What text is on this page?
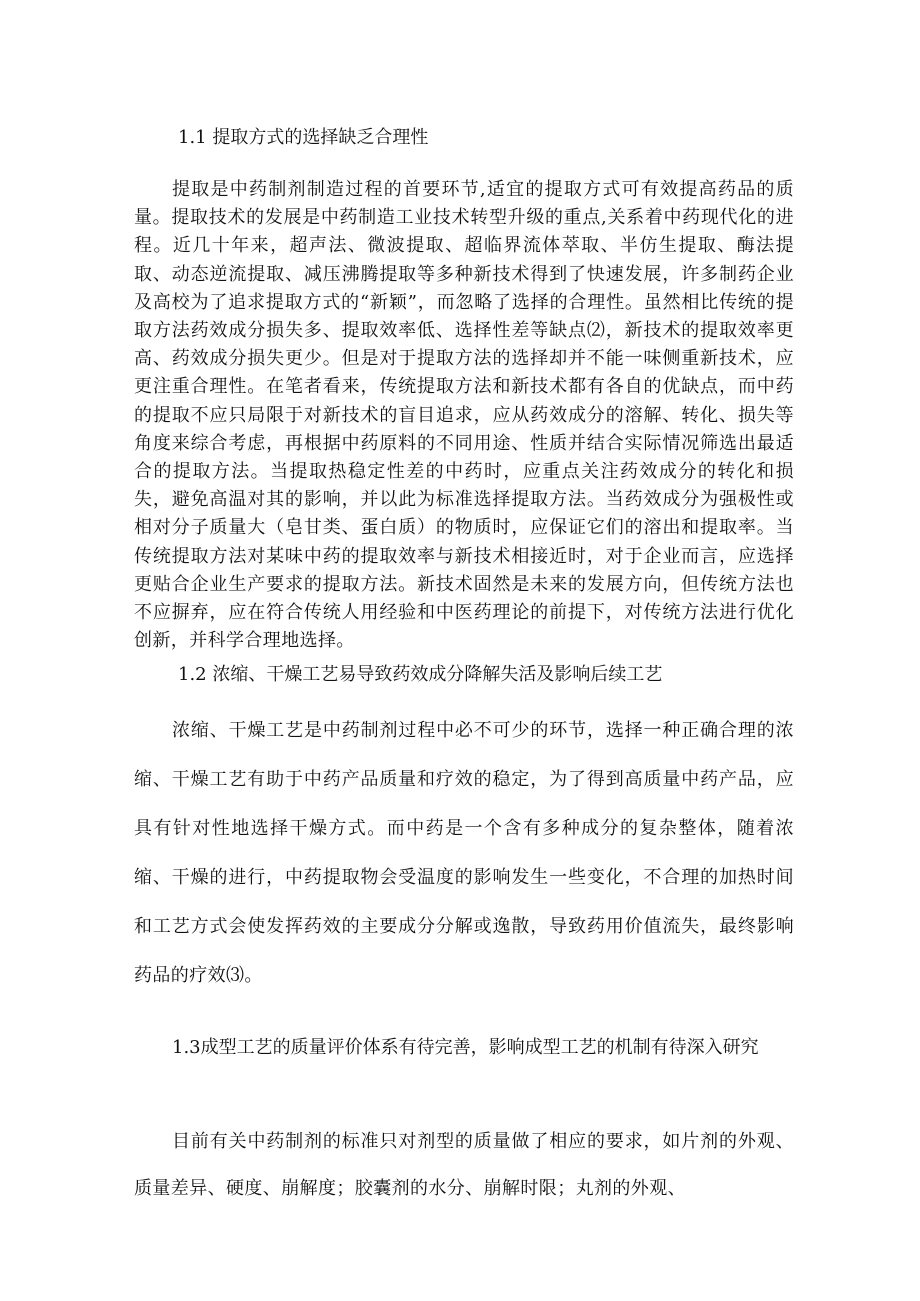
1.1 提取方式的选择缺乏合理性

提取是中药制剂制造过程的首要环节,适宜的提取方式可有效提高药品的质量。提取技术的发展是中药制造工业技术转型升级的重点,关系着中药现代化的进程。近几十年来，超声法、微波提取、超临界流体萃取、半仿生提取、酶法提取、动态逆流提取、减压沸腾提取等多种新技术得到了快速发展，许多制药企业及高校为了追求提取方式的“新颖”，而忽略了选择的合理性。虽然相比传统的提取方法药效成分损失多、提取效率低、选择性差等缺点⑵，新技术的提取效率更高、药效成分损失更少。但是对于提取方法的选择却并不能一味侧重新技术，应更注重合理性。在笔者看来，传统提取方法和新技术都有各自的优缺点，而中药的提取不应只局限于对新技术的盲目追求，应从药效成分的溶解、转化、损失等角度来综合考虑，再根据中药原料的不同用途、性质并结合实际情况筛选出最适合的提取方法。当提取热稳定性差的中药时，应重点关注药效成分的转化和损失，避免高温对其的影响，并以此为标准选择提取方法。当药效成分为强极性或相对分子质量大（皂甘类、蛋白质）的物质时，应保证它们的溶出和提取率。当传统提取方法对某味中药的提取效率与新技术相接近时，对于企业而言，应选择更贴合企业生产要求的提取方法。新技术固然是未来的发展方向，但传统方法也不应摒弃，应在符合传统人用经验和中医药理论的前提下，对传统方法进行优化创新，并科学合理地选择。

1.2 浓缩、干燥工艺易导致药效成分降解失活及影响后续工艺

浓缩、干燥工艺是中药制剂过程中必不可少的环节，选择一种正确合理的浓缩、干燥工艺有助于中药产品质量和疗效的稳定，为了得到高质量中药产品，应具有针对性地选择干燥方式。而中药是一个含有多种成分的复杂整体，随着浓缩、干燥的进行，中药提取物会受温度的影响发生一些变化，不合理的加热时间和工艺方式会使发挥药效的主要成分分解或逸散，导致药用价值流失，最终影响药品的疗效⑶。

1.3成型工艺的质量评价体系有待完善，影响成型工艺的机制有待深入研究

目前有关中药制剂的标准只对剂型的质量做了相应的要求，如片剂的外观、质量差异、硬度、崩解度；胶囊剂的水分、崩解时限；丸剂的外观、
